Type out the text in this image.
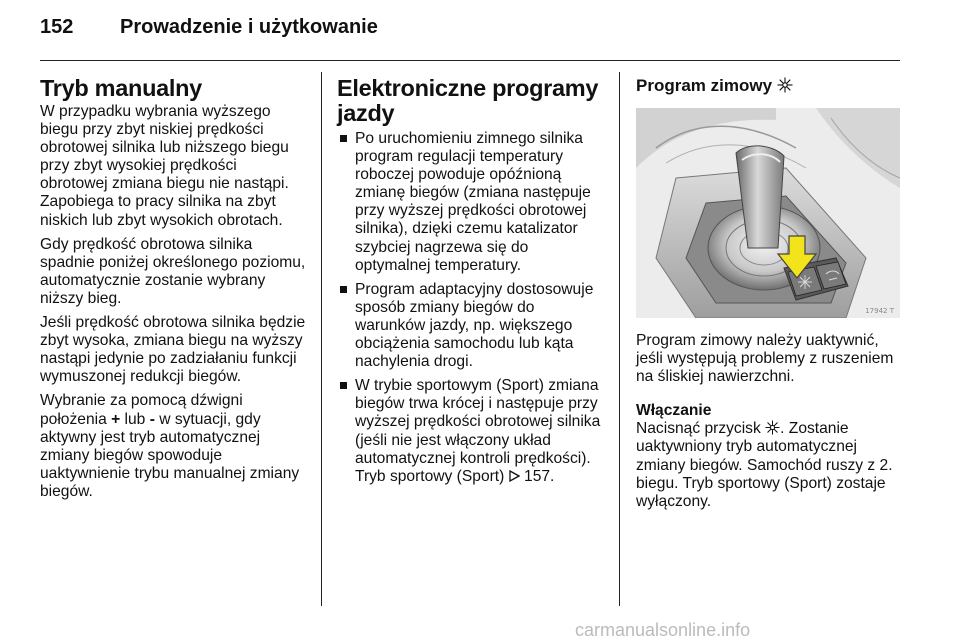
152 Prowadzenie i użytkowanie
Tryb manualny

W przypadku wybrania wyższego biegu przy zbyt niskiej prędkości obrotowej silnika lub niższego biegu przy zbyt wysokiej prędkości obrotowej zmiana biegu nie nastąpi. Zapobiega to pracy silnika na zbyt niskich lub zbyt wysokich obrotach.

Gdy prędkość obrotowa silnika spadnie poniżej określonego poziomu, automatycznie zostanie wybrany niższy bieg.

Jeśli prędkość obrotowa silnika będzie zbyt wysoka, zmiana biegu na wyższy nastąpi jedynie po zadziałaniu funkcji wymuszonej redukcji biegów.

Wybranie za pomocą dźwigni położenia + lub - w sytuacji, gdy aktywny jest tryb automatycznej zmiany biegów spowoduje uaktywnienie trybu manualnej zmiany biegów.

Elektroniczne programy jazdy
Po uruchomieniu zimnego silnika program regulacji temperatury roboczej powoduje opóźnioną zmianę biegów (zmiana następuje przy wyższej prędkości obrotowej silnika), dzięki czemu katalizator szybciej nagrzewa się do optymalnej temperatury.
Program adaptacyjny dostosowuje sposób zmiany biegów do warunków jazdy, np. większego obciążenia samochodu lub kąta nachylenia drogi.
W trybie sportowym (Sport) zmiana biegów trwa krócej i następuje przy wyższej prędkości obrotowej silnika (jeśli nie jest włączony układ automatycznej kontroli prędkości). Tryb sportowy (Sport)  157.
Program zimowy
17942 T

Program zimowy należy uaktywnić, jeśli występują problemy z ruszeniem na śliskiej nawierzchni.

Włączanie

Nacisnąć przycisk . Zostanie uaktywniony tryb automatycznej zmiany biegów. Samochód ruszy z 2. biegu. Tryb sportowy (Sport) zostaje wyłączony.

carmanualsonline.info
